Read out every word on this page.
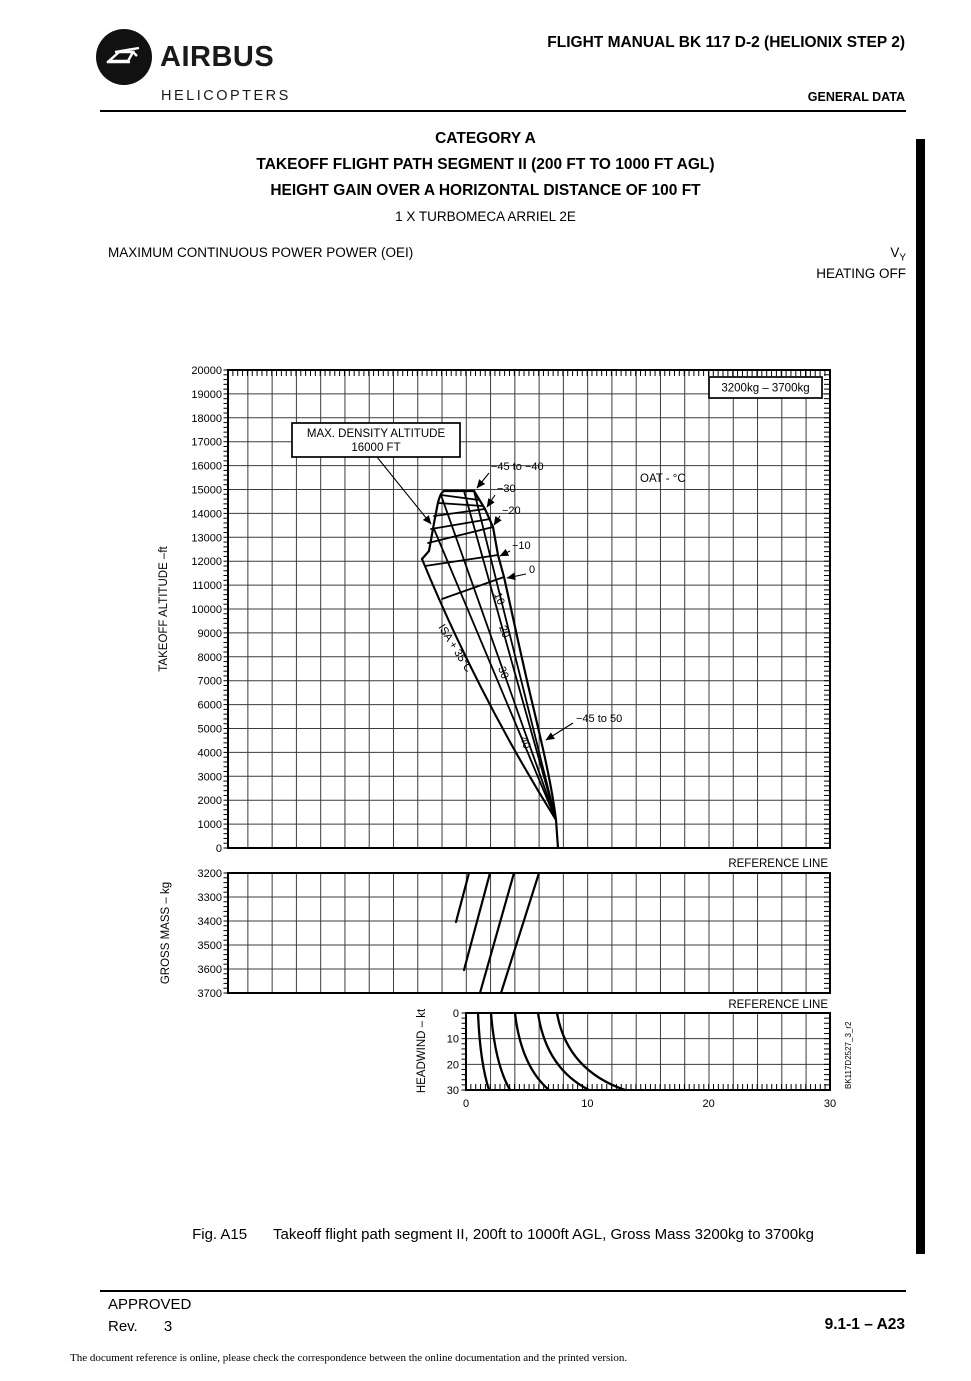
AIRBUS
HELICOPTERS
FLIGHT MANUAL BK 117 D-2 (HELIONIX STEP 2)
GENERAL DATA
CATEGORY A
TAKEOFF FLIGHT PATH SEGMENT II (200 FT TO 1000 FT AGL)
HEIGHT GAIN OVER A HORIZONTAL DISTANCE OF 100 FT
1 X TURBOMECA ARRIEL 2E
MAXIMUM CONTINUOUS POWER POWER (OEI)	$V_Y$
HEATING OFF
20000
19000
18000
17000
16000
15000
14000
13000
12000
11000
10000
9000
8000
7000
6000
5000
4000
3000
2000
1000
0
3200
3300
3400
3500
3600
3700
0
10
20
30
0	10	20	30
MAX. DENSITY ALTITUDE
16000 FT
3200kg – 3700kg
REFERENCE LINE
REFERENCE LINE
OAT - °C
−45 to −40
−30
−20
−10
0
−45 to 50
10
20
30
40
ISA + 35°C
TAKEOFF ALTITUDE –ft
GROSS MASS – kg
HEADWIND – kt	BK117D2527_3_r2
Fig. A15 Takeoff flight path segment II, 200ft to 1000ft AGL, Gross Mass 3200kg to 3700kg
APPROVED
Rev. 3	9.1-1 – A23
The document reference is online, please check the correspondence between the online documentation and the printed version.
